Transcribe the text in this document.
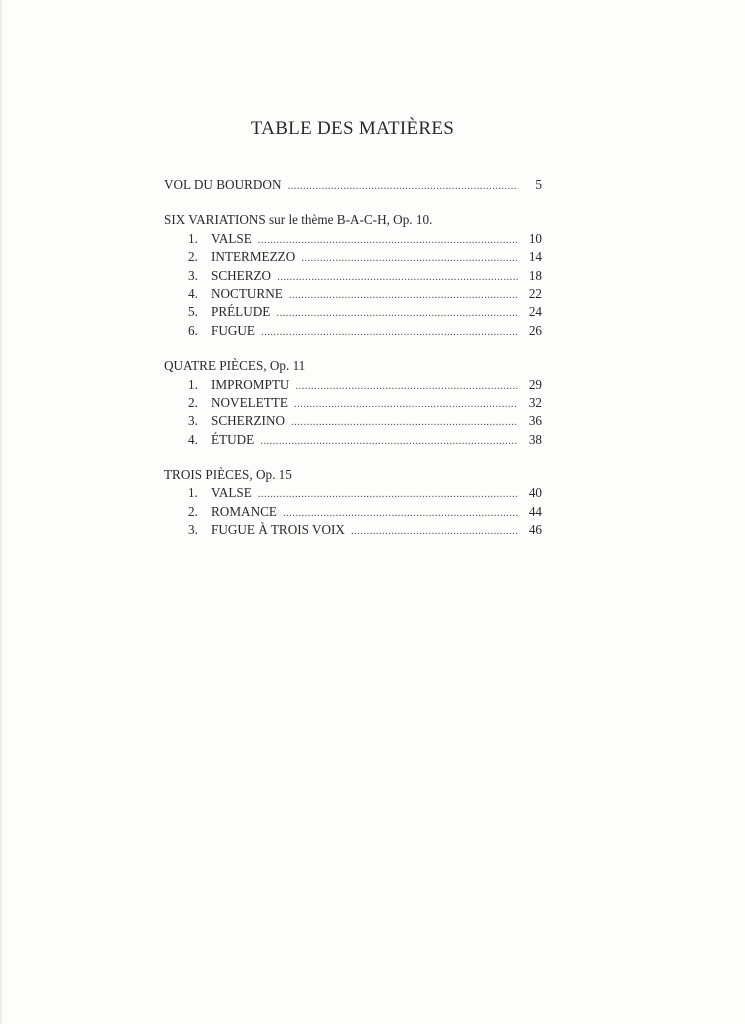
TABLE DES MATIÈRES
VOL DU BOURDON . . .	5
SIX VARIATIONS sur le thème B-A-C-H, Op. 10.
1. VALSE . . .	10
2. INTERMEZZO . . .	14
3. SCHERZO . . .	18
4. NOCTURNE . . .	22
5. PRÉLUDE . . .	24
6. FUGUE . . .	26
QUATRE PIÈCES, Op. 11
1. IMPROMPTU . . .	29
2. NOVELETTE . . .	32
3. SCHERZINO . . .	36
4. ÉTUDE . . .	38
TROIS PIÈCES, Op. 15
1. VALSE . . .	40
2. ROMANCE . . .	44
3. FUGUE À TROIS VOIX . . .	46
